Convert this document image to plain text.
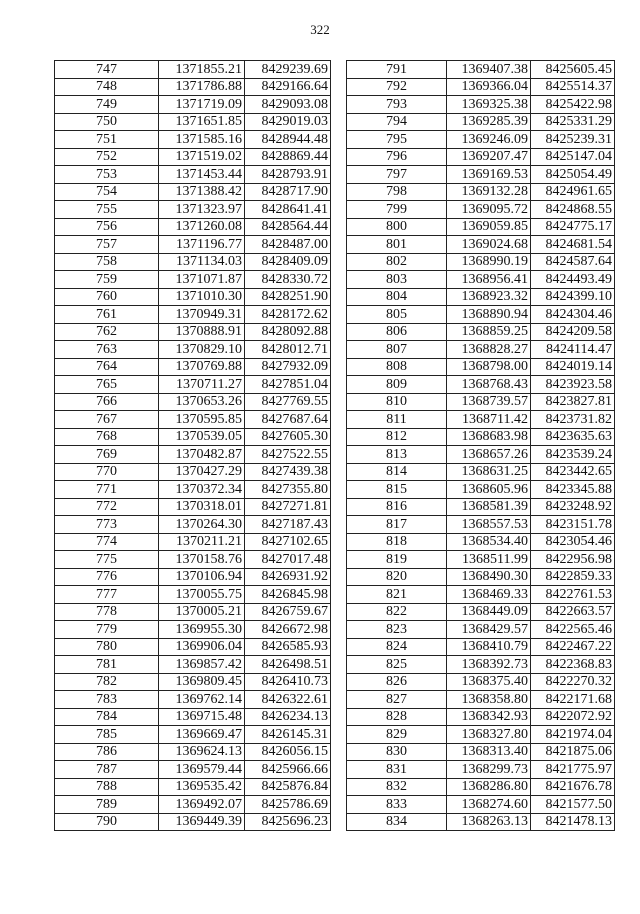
322
747	1371855.21	8429239.69
748	1371786.88	8429166.64
749	1371719.09	8429093.08
750	1371651.85	8429019.03
751	1371585.16	8428944.48
752	1371519.02	8428869.44
753	1371453.44	8428793.91
754	1371388.42	8428717.90
755	1371323.97	8428641.41
756	1371260.08	8428564.44
757	1371196.77	8428487.00
758	1371134.03	8428409.09
759	1371071.87	8428330.72
760	1371010.30	8428251.90
761	1370949.31	8428172.62
762	1370888.91	8428092.88
763	1370829.10	8428012.71
764	1370769.88	8427932.09
765	1370711.27	8427851.04
766	1370653.26	8427769.55
767	1370595.85	8427687.64
768	1370539.05	8427605.30
769	1370482.87	8427522.55
770	1370427.29	8427439.38
771	1370372.34	8427355.80
772	1370318.01	8427271.81
773	1370264.30	8427187.43
774	1370211.21	8427102.65
775	1370158.76	8427017.48
776	1370106.94	8426931.92
777	1370055.75	8426845.98
778	1370005.21	8426759.67
779	1369955.30	8426672.98
780	1369906.04	8426585.93
781	1369857.42	8426498.51
782	1369809.45	8426410.73
783	1369762.14	8426322.61
784	1369715.48	8426234.13
785	1369669.47	8426145.31
786	1369624.13	8426056.15
787	1369579.44	8425966.66
788	1369535.42	8425876.84
789	1369492.07	8425786.69
790	1369449.39	8425696.23
791	1369407.38	8425605.45
792	1369366.04	8425514.37
793	1369325.38	8425422.98
794	1369285.39	8425331.29
795	1369246.09	8425239.31
796	1369207.47	8425147.04
797	1369169.53	8425054.49
798	1369132.28	8424961.65
799	1369095.72	8424868.55
800	1369059.85	8424775.17
801	1369024.68	8424681.54
802	1368990.19	8424587.64
803	1368956.41	8424493.49
804	1368923.32	8424399.10
805	1368890.94	8424304.46
806	1368859.25	8424209.58
807	1368828.27	8424114.47
808	1368798.00	8424019.14
809	1368768.43	8423923.58
810	1368739.57	8423827.81
811	1368711.42	8423731.82
812	1368683.98	8423635.63
813	1368657.26	8423539.24
814	1368631.25	8423442.65
815	1368605.96	8423345.88
816	1368581.39	8423248.92
817	1368557.53	8423151.78
818	1368534.40	8423054.46
819	1368511.99	8422956.98
820	1368490.30	8422859.33
821	1368469.33	8422761.53
822	1368449.09	8422663.57
823	1368429.57	8422565.46
824	1368410.79	8422467.22
825	1368392.73	8422368.83
826	1368375.40	8422270.32
827	1368358.80	8422171.68
828	1368342.93	8422072.92
829	1368327.80	8421974.04
830	1368313.40	8421875.06
831	1368299.73	8421775.97
832	1368286.80	8421676.78
833	1368274.60	8421577.50
834	1368263.13	8421478.13
